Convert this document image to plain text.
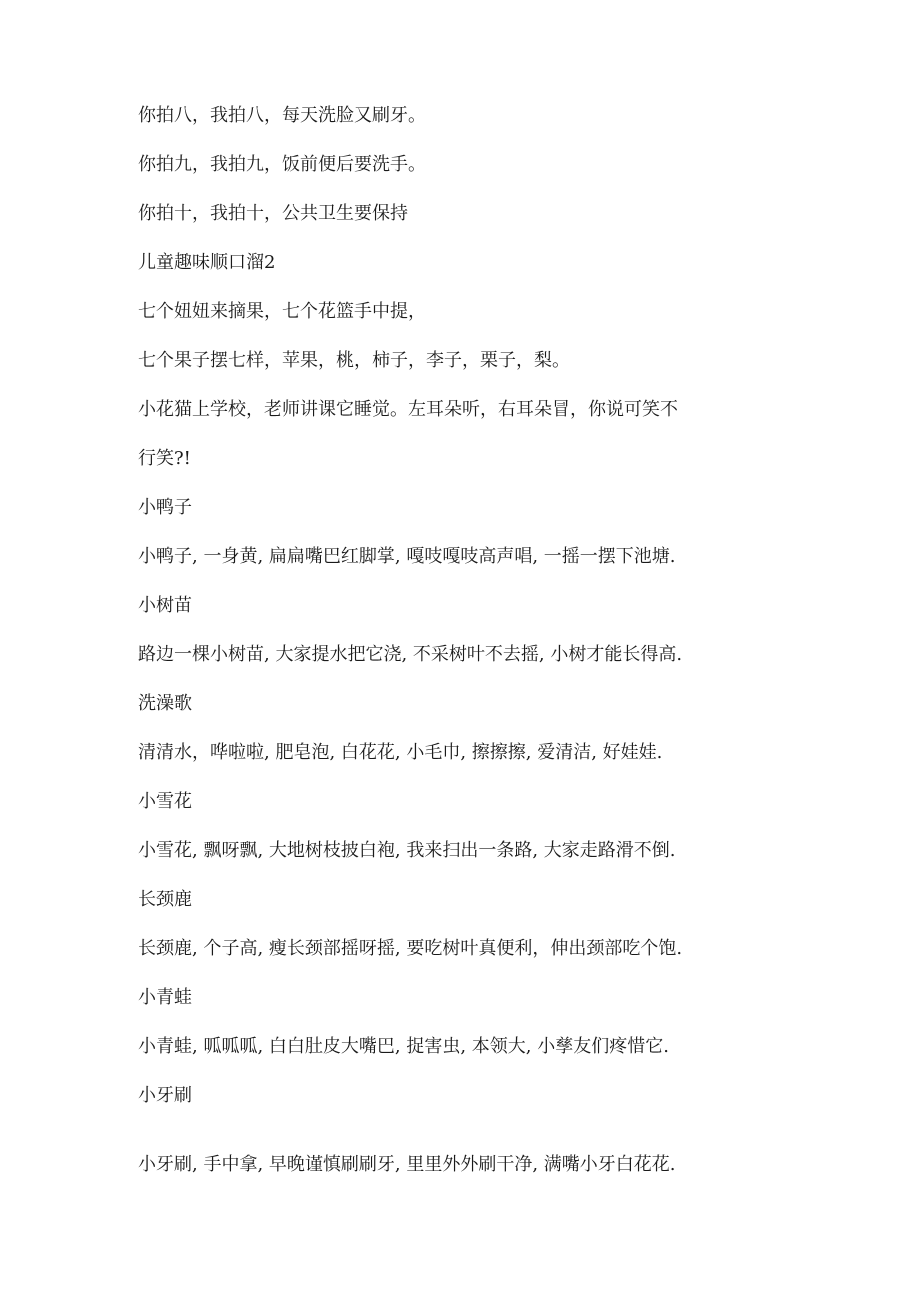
你拍八，我拍八，每天洗脸又刷牙。
你拍九，我拍九，饭前便后要洗手。
你拍十，我拍十，公共卫生要保持
儿童趣味顺口溜2
七个妞妞来摘果，七个花篮手中提，
七个果子摆七样，苹果，桃，柿子，李子，栗子，梨。
小花猫上学校，老师讲课它睡觉。左耳朵听，右耳朵冒，你说可笑不
行笑?!
小鸭子
小鸭子, 一身黄, 扁扁嘴巴红脚掌, 嘎吱嘎吱高声唱, 一摇一摆下池塘.
小树苗
路边一棵小树苗, 大家提水把它浇, 不采树叶不去摇, 小树才能长得高.
洗澡歌
清清水，哗啦啦, 肥皂泡, 白花花, 小毛巾, 擦擦擦, 爱清洁, 好娃娃.
小雪花
小雪花, 飘呀飘, 大地树枝披白袍, 我来扫出一条路, 大家走路滑不倒.
长颈鹿
长颈鹿, 个子高, 瘦长颈部摇呀摇, 要吃树叶真便利，伸出颈部吃个饱.
小青蛙
小青蛙, 呱呱呱, 白白肚皮大嘴巴, 捉害虫, 本领大, 小孳友们疼惜它.
小牙刷
小牙刷, 手中拿, 早晚谨慎刷刷牙, 里里外外刷干净, 满嘴小牙白花花.
